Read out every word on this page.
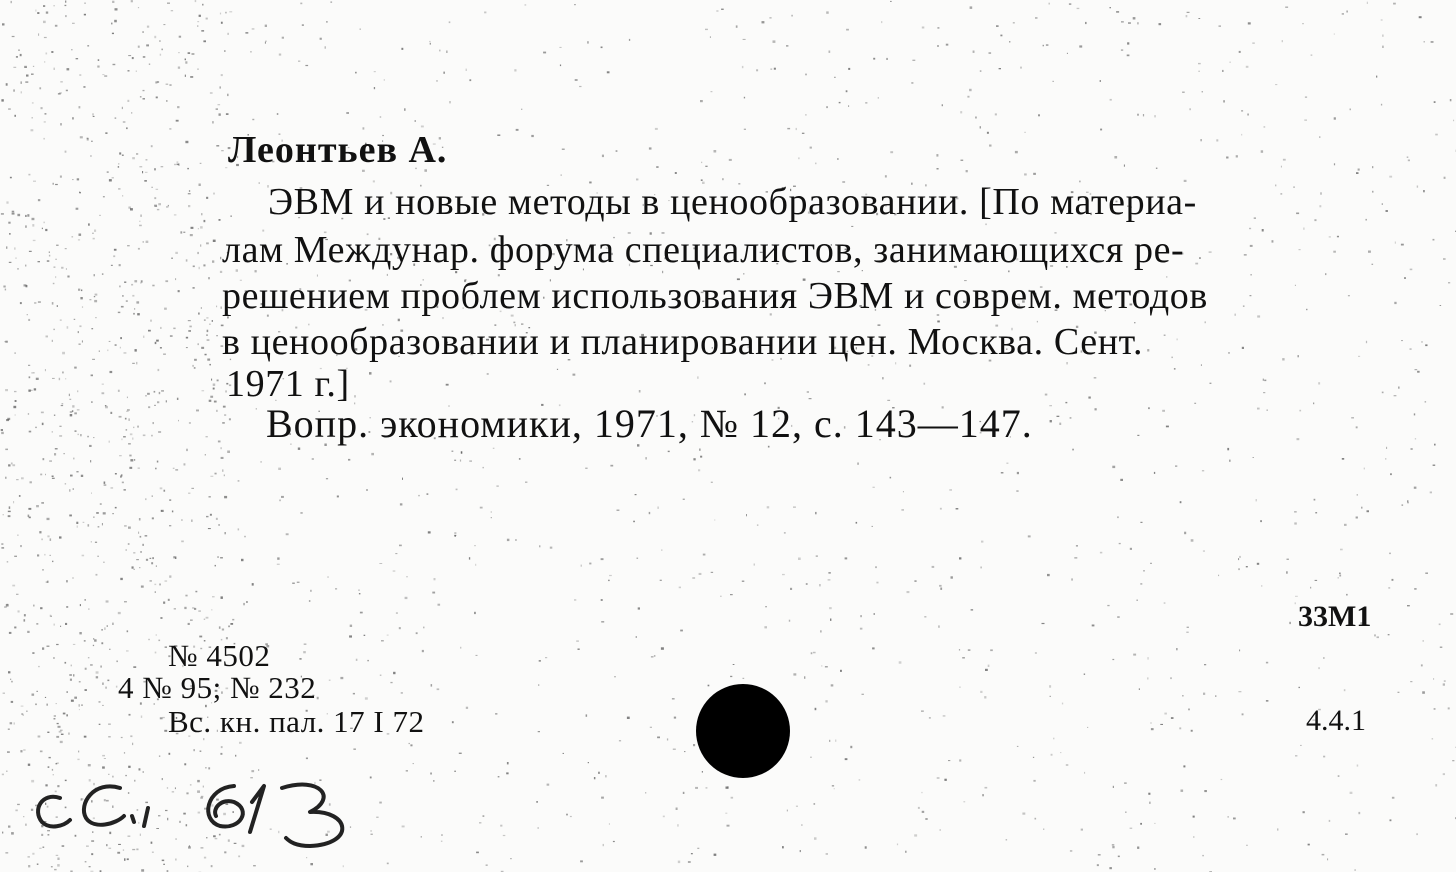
Леонтьев А.
ЭВМ и новые методы в ценообразовании. [По материа-
лам Междунар. форума специалистов, занимающихся ре-
решением проблем использования ЭВМ и соврем. методов
в ценообразовании и планировании цен. Москва. Сент.
1971 г.]
Вопр. экономики, 1971, № 12, с. 143—147.
№ 4502
4 № 95; № 232
Вс. кн. пал. 17 I 72
33М1
4.4.1
